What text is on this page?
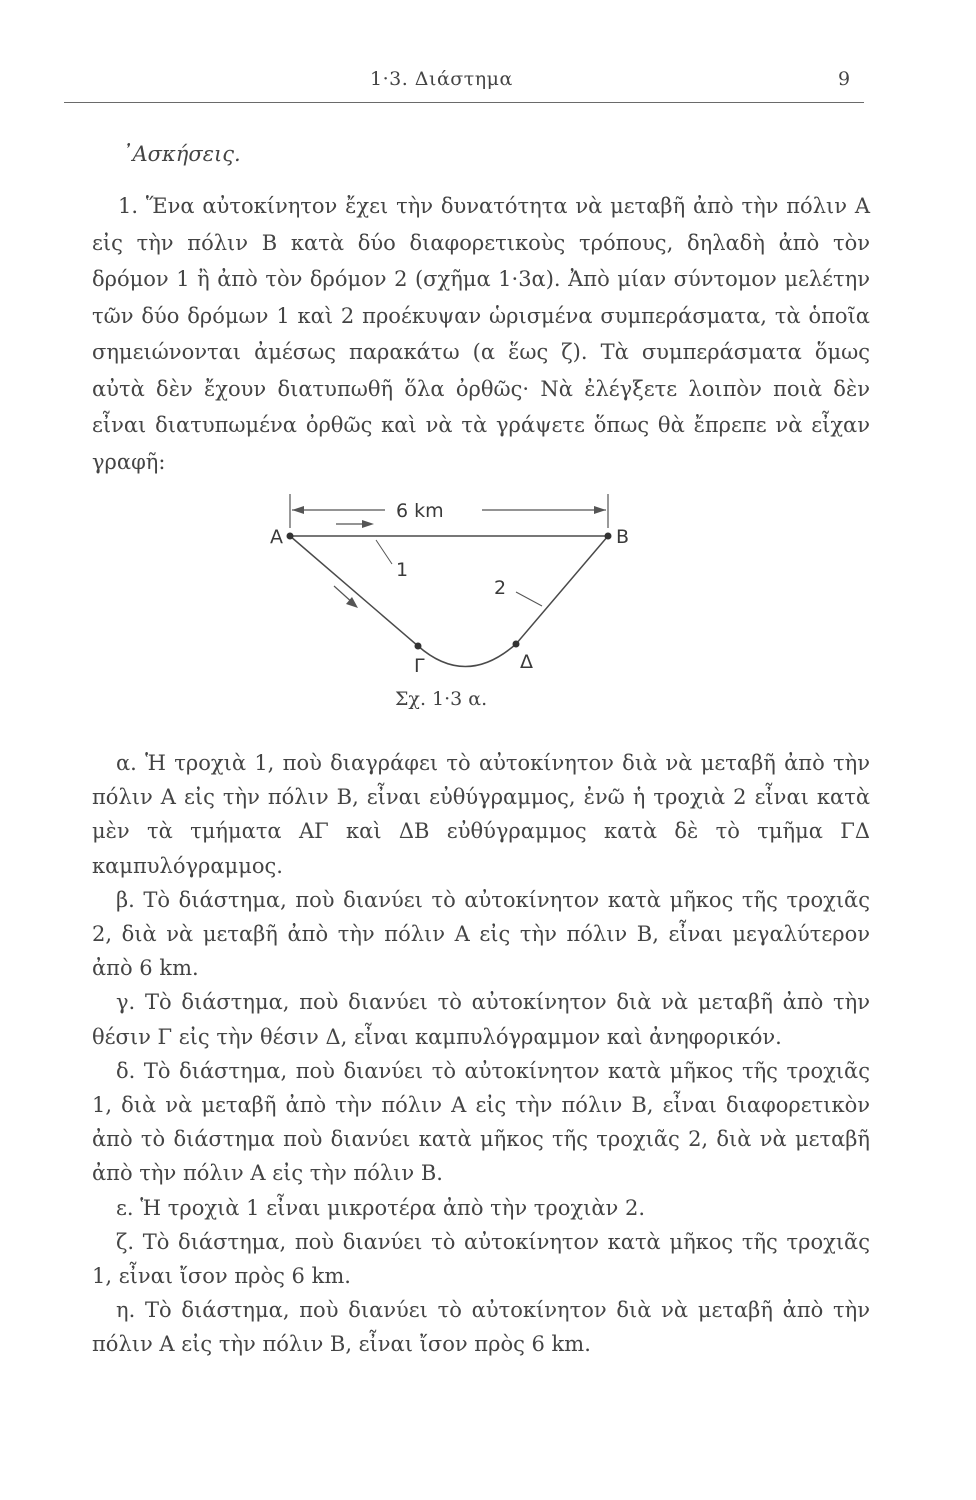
1·3. Διάστημα	9
᾿Ασκήσεις.

1. Ἕνα αὐτοκίνητον ἔχει τὴν δυνατότητα νὰ μεταβῆ ἀπὸ τὴν πόλιν Α εἰς τὴν πόλιν Β κατὰ δύο διαφορετικοὺς τρόπους, δηλαδὴ ἀπὸ τὸν δρόμον 1 ἢ ἀπὸ τὸν δρόμον 2 (σχῆμα 1·3α). Ἀπὸ μίαν σύντομον μελέτην τῶν δύο δρόμων 1 καὶ 2 προέκυψαν ὡρισμένα συμπεράσματα, τὰ ὁποῖα σημειώνονται ἀμέσως παρακάτω (α ἕως ζ). Τὰ συμπεράσματα ὅμως αὐτὰ δὲν ἔχουν διατυπωθῆ ὅλα ὀρθῶς· Νὰ ἐλέγξετε λοιπὸν ποιὰ δὲν εἶναι διατυπωμένα ὀρθῶς καὶ νὰ τὰ γράψετε ὅπως θὰ ἔπρεπε νὰ εἶχαν γραφῆ:

6 km
1
2
Α	Β
Γ	Δ
Σχ. 1·3 α.

α. Ἡ τροχιὰ 1, ποὺ διαγράφει τὸ αὐτοκίνητον διὰ νὰ μεταβῆ ἀπὸ τὴν πόλιν Α εἰς τὴν πόλιν Β, εἶναι εὐθύγραμμος, ἐνῶ ἡ τροχιὰ 2 εἶναι κατὰ μὲν τὰ τμήματα ΑΓ καὶ ΔΒ εὐθύγραμμος κατὰ δὲ τὸ τμῆμα ΓΔ καμπυλόγραμμος.

β. Τὸ διάστημα, ποὺ διανύει τὸ αὐτοκίνητον κατὰ μῆκος τῆς τροχιᾶς 2, διὰ νὰ μεταβῆ ἀπὸ τὴν πόλιν Α εἰς τὴν πόλιν Β, εἶναι μεγαλύτερον ἀπὸ 6 km.

γ. Τὸ διάστημα, ποὺ διανύει τὸ αὐτοκίνητον διὰ νὰ μεταβῆ ἀπὸ τὴν θέσιν Γ εἰς τὴν θέσιν Δ, εἶναι καμπυλόγραμμον καὶ ἀνηφορικόν.

δ. Τὸ διάστημα, ποὺ διανύει τὸ αὐτοκίνητον κατὰ μῆκος τῆς τροχιᾶς 1, διὰ νὰ μεταβῆ ἀπὸ τὴν πόλιν Α εἰς τὴν πόλιν Β, εἶναι διαφορετικὸν ἀπὸ τὸ διάστημα ποὺ διανύει κατὰ μῆκος τῆς τροχιᾶς 2, διὰ νὰ μεταβῆ ἀπὸ τὴν πόλιν Α εἰς τὴν πόλιν Β.

ε. Ἡ τροχιὰ 1 εἶναι μικροτέρα ἀπὸ τὴν τροχιὰν 2.

ζ. Τὸ διάστημα, ποὺ διανύει τὸ αὐτοκίνητον κατὰ μῆκος τῆς τροχιᾶς 1, εἶναι ἴσον πρὸς 6 km.

η. Τὸ διάστημα, ποὺ διανύει τὸ αὐτοκίνητον διὰ νὰ μεταβῆ ἀπὸ τὴν πόλιν Α εἰς τὴν πόλιν Β, εἶναι ἴσον πρὸς 6 km.
